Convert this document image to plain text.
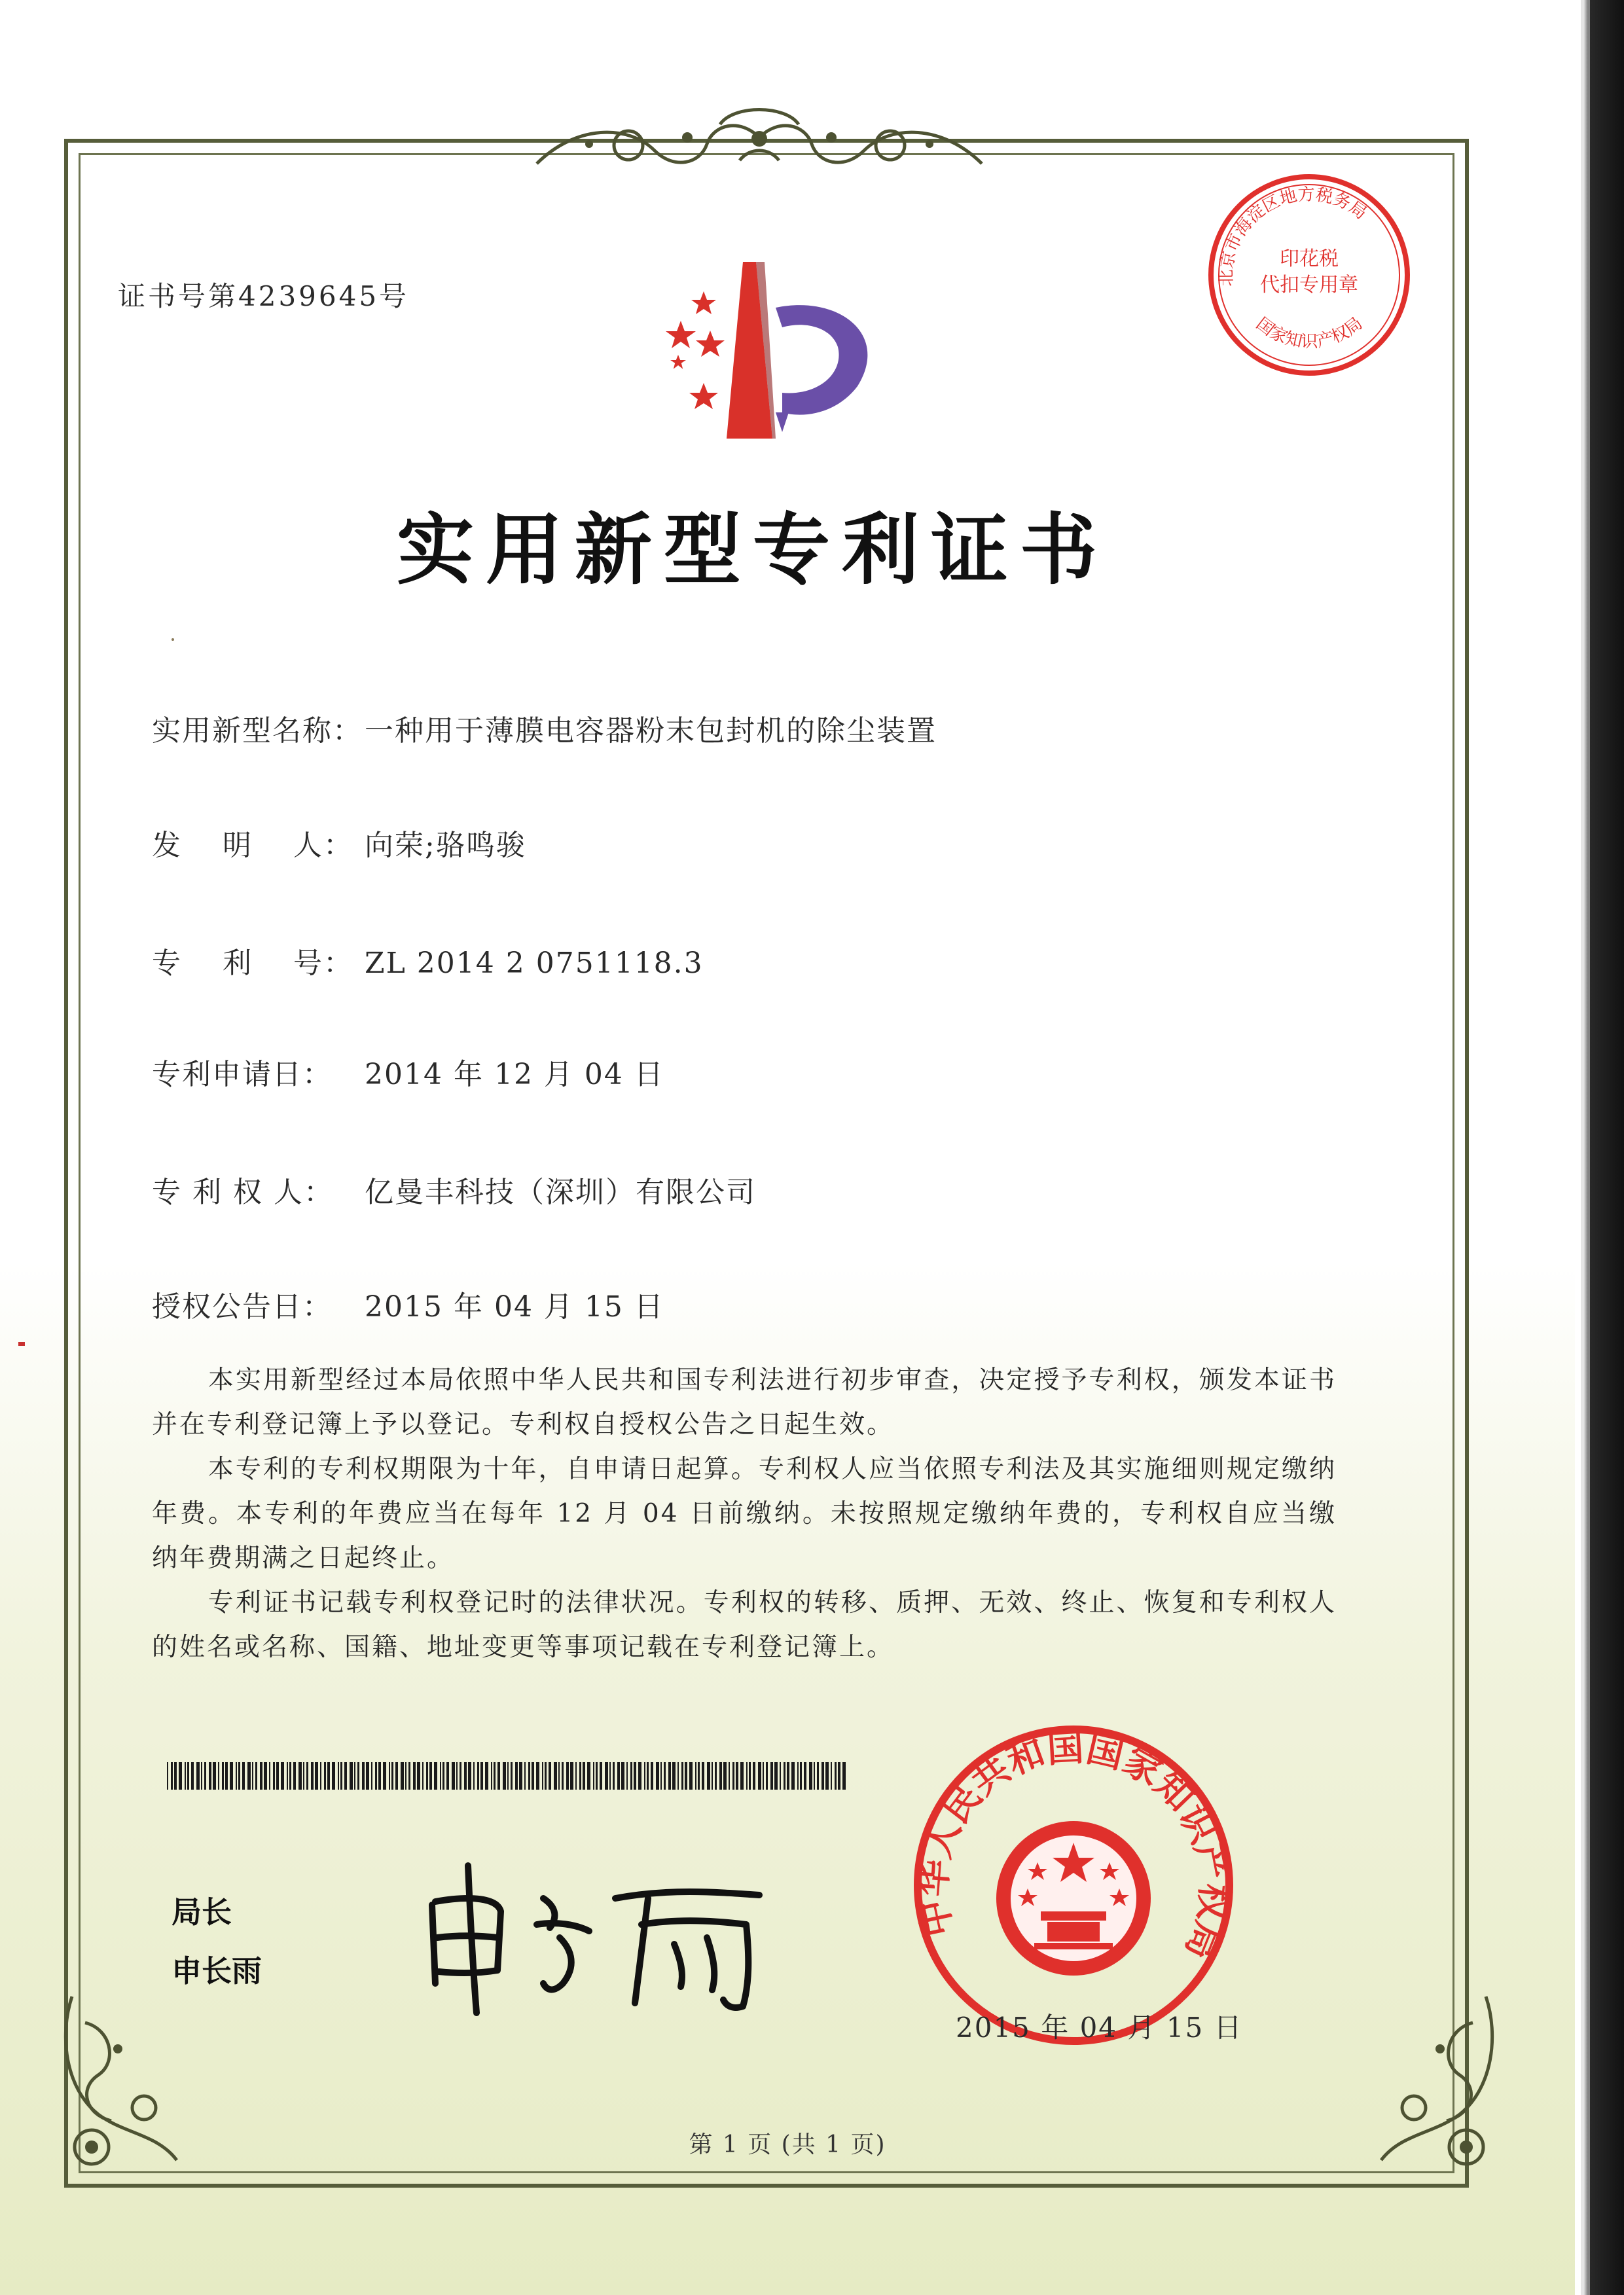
证书号第4239645号
印花税
代扣专用章
北京市海淀区地方税务局
国家知识产权局
实用新型专利证书
实用新型名称：一种用于薄膜电容器粉末包封机的除尘装置
发　 明　 人： 向荣;骆鸣骏
专　 利　 号： ZL 2014 2 0751118.3
专利申请日： 2014 年 12 月 04 日
专 利 权 人： 亿曼丰科技（深圳）有限公司
授权公告日： 2015 年 04 月 15 日

本实用新型经过本局依照中华人民共和国专利法进行初步审查，决定授予专利权，颁发本证书并在专利登记簿上予以登记。专利权自授权公告之日起生效。

本专利的专利权期限为十年，自申请日起算。专利权人应当依照专利法及其实施细则规定缴纳年费。本专利的年费应当在每年 12 月 04 日前缴纳。未按照规定缴纳年费的，专利权自应当缴纳年费期满之日起终止。

专利证书记载专利权登记时的法律状况。专利权的转移、质押、无效、终止、恢复和专利权人的姓名或名称、国籍、地址变更等事项记载在专利登记簿上。

局长
申长雨
中华人民共和国国家知识产权局
2015 年 04 月 15 日
第 1 页 (共 1 页)
